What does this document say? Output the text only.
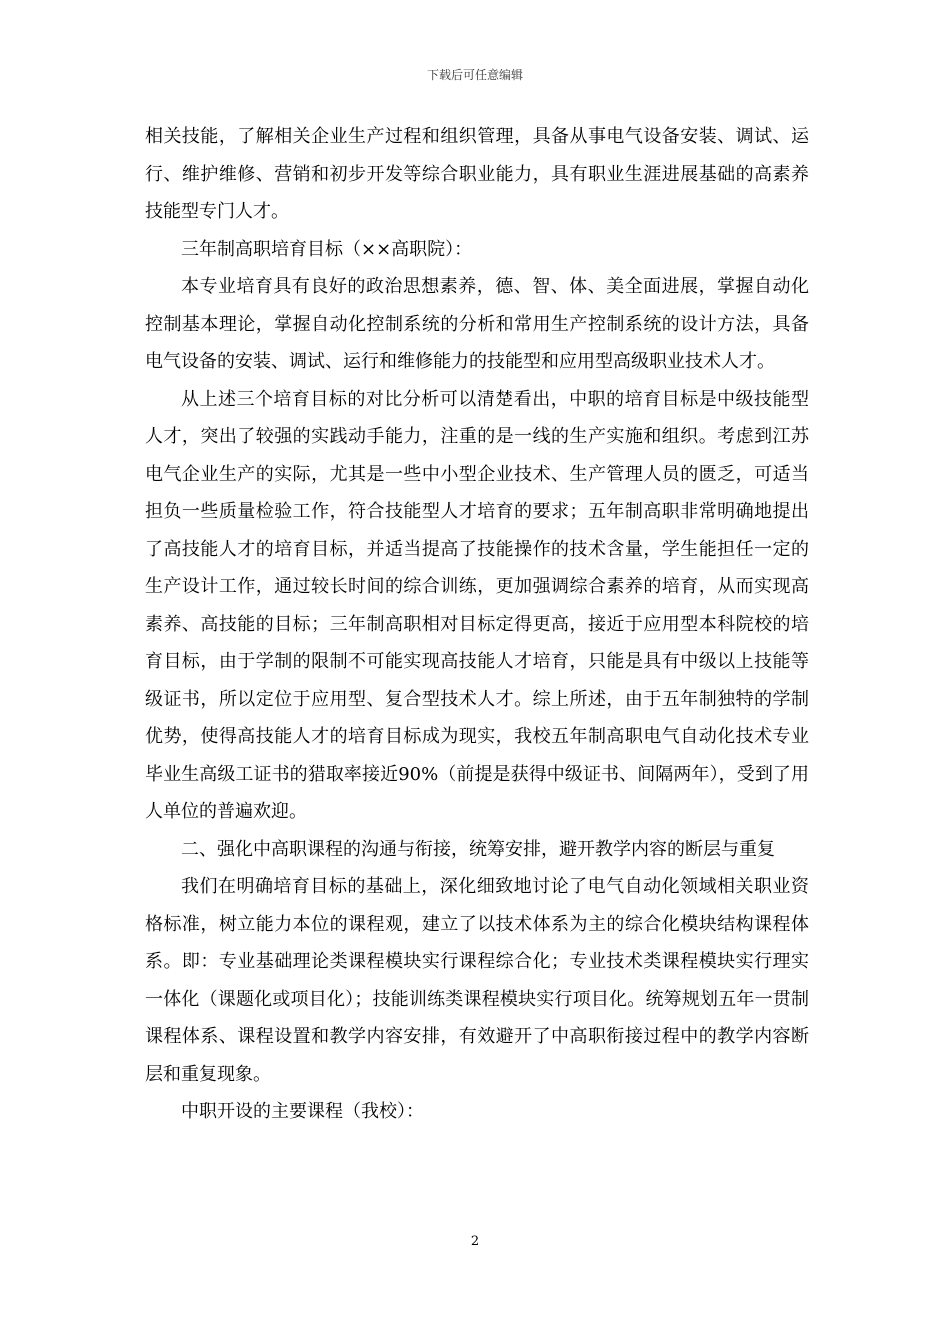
下载后可任意编辑

相关技能，了解相关企业生产过程和组织管理，具备从事电气设备安装、调试、运行、维护维修、营销和初步开发等综合职业能力，具有职业生涯进展基础的高素养技能型专门人才。

三年制高职培育目标（××高职院）：

本专业培育具有良好的政治思想素养，德、智、体、美全面进展，掌握自动化控制基本理论，掌握自动化控制系统的分析和常用生产控制系统的设计方法，具备电气设备的安装、调试、运行和维修能力的技能型和应用型高级职业技术人才。

从上述三个培育目标的对比分析可以清楚看出，中职的培育目标是中级技能型人才，突出了较强的实践动手能力，注重的是一线的生产实施和组织。考虑到江苏电气企业生产的实际，尤其是一些中小型企业技术、生产管理人员的匮乏，可适当担负一些质量检验工作，符合技能型人才培育的要求；五年制高职非常明确地提出了高技能人才的培育目标，并适当提高了技能操作的技术含量，学生能担任一定的生产设计工作，通过较长时间的综合训练，更加强调综合素养的培育，从而实现高素养、高技能的目标；三年制高职相对目标定得更高，接近于应用型本科院校的培育目标，由于学制的限制不可能实现高技能人才培育，只能是具有中级以上技能等级证书，所以定位于应用型、复合型技术人才。综上所述，由于五年制独特的学制优势，使得高技能人才的培育目标成为现实，我校五年制高职电气自动化技术专业毕业生高级工证书的猎取率接近90%（前提是获得中级证书、间隔两年），受到了用人单位的普遍欢迎。

二、强化中高职课程的沟通与衔接，统筹安排，避开教学内容的断层与重复

我们在明确培育目标的基础上，深化细致地讨论了电气自动化领域相关职业资格标准，树立能力本位的课程观，建立了以技术体系为主的综合化模块结构课程体系。即：专业基础理论类课程模块实行课程综合化；专业技术类课程模块实行理实一体化（课题化或项目化）；技能训练类课程模块实行项目化。统筹规划五年一贯制课程体系、课程设置和教学内容安排，有效避开了中高职衔接过程中的教学内容断层和重复现象。

中职开设的主要课程（我校）：

2
